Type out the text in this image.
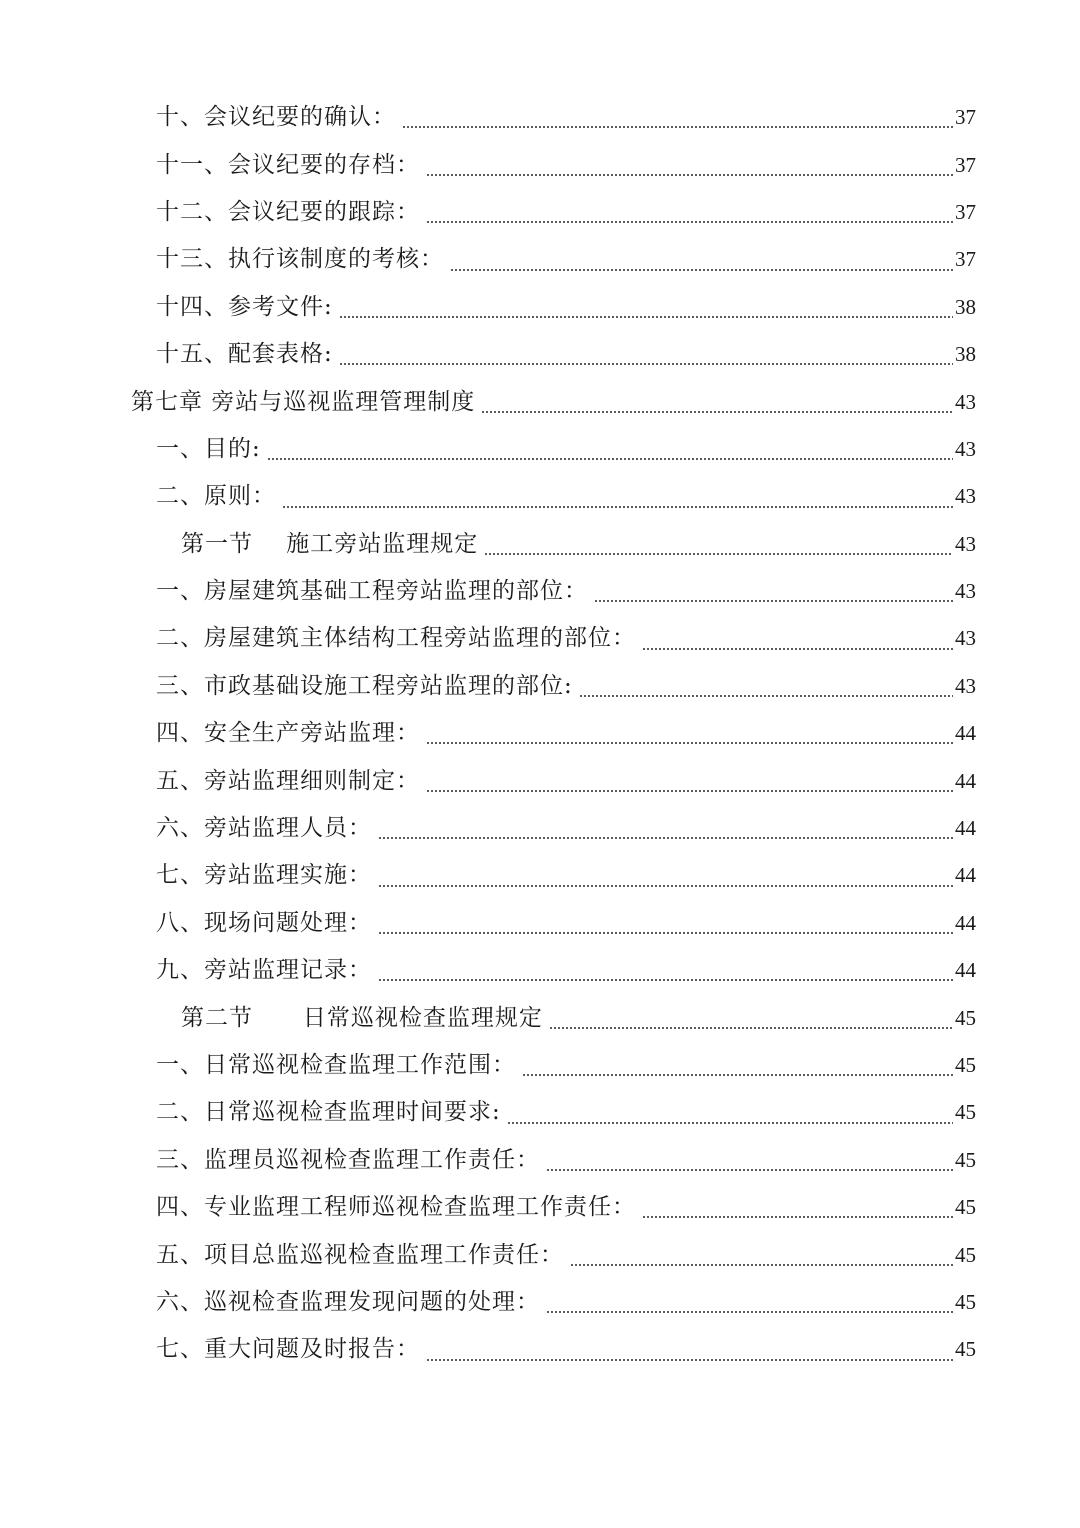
十、会议纪要的确认：	37
十一、会议纪要的存档：	37
十二、会议纪要的跟踪：	37
十三、执行该制度的考核：	37
十四、参考文件:	38
十五、配套表格:	38
第七章 旁站与巡视监理管理制度	43
一、目的:	43
二、原则：	43
第一节    施工旁站监理规定	43
一、房屋建筑基础工程旁站监理的部位：	43
二、房屋建筑主体结构工程旁站监理的部位：	43
三、市政基础设施工程旁站监理的部位:	43
四、安全生产旁站监理：	44
五、旁站监理细则制定：	44
六、旁站监理人员：	44
七、旁站监理实施：	44
八、现场问题处理：	44
九、旁站监理记录：	44
第二节      日常巡视检查监理规定	45
一、日常巡视检查监理工作范围：	45
二、日常巡视检查监理时间要求:	45
三、监理员巡视检查监理工作责任：	45
四、专业监理工程师巡视检查监理工作责任：	45
五、项目总监巡视检查监理工作责任：	45
六、巡视检查监理发现问题的处理：	45
七、重大问题及时报告：	45
